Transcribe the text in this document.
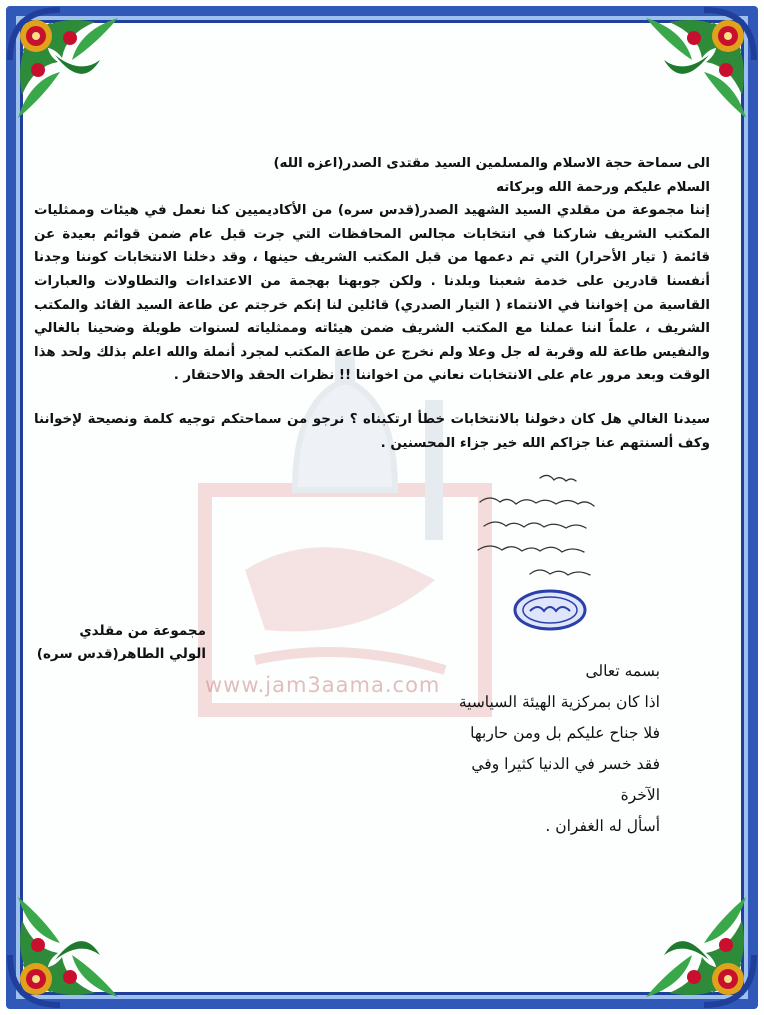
www.jam3aama.com

الى سماحة حجة الاسلام والمسلمين السيد مقتدى الصدر(اعزه الله)

السلام عليكم ورحمة الله وبركاته

إننا مجموعة من مقلدي السيد الشهيد الصدر(قدس سره) من الأكاديميين كنا نعمل في هيئات وممثليات المكتب الشريف شاركنا في انتخابات مجالس المحافظات التي جرت قبل عام ضمن قوائم بعيدة عن قائمة ( تيار الأحرار) التي تم دعمها من قبل المكتب الشريف حينها ، وقد دخلنا الانتخابات كوننا وجدنا أنفسنا قادرين على خدمة شعبنا وبلدنا . ولكن جوبهنا بهجمة من الاعتداءات والتطاولات والعبارات القاسية من إخواننا في الانتماء ( التيار الصدري) قائلين لنا إنكم خرجتم عن طاعة السيد القائد والمكتب الشريف ، علماً اننا عملنا مع المكتب الشريف ضمن هيئاته وممثلياته لسنوات طويلة وضحينا بالغالي والنفيس طاعة لله وقربة له جل وعلا ولم نخرج عن طاعة المكتب لمجرد أنملة والله اعلم بذلك ولحد هذا الوقت وبعد مرور عام على الانتخابات نعاني من اخواننا !! نظرات الحقد والاحتقار .

سيدنا الغالي هل كان دخولنا بالانتخابات خطأ ارتكبناه ؟ نرجو من سماحتكم توجيه كلمة ونصيحة لإخواننا وكف ألسنتهم عنا جزاكم الله خير جزاء المحسنين .

مجموعة من مقلدي
الولي الطاهر(قدس سره)

بسمه تعالى

اذا كان بمركزية الهيئة السياسية

فلا جناح عليكم بل ومن حاربها

فقد خسر في الدنيا كثيرا وفي الآخرة

أسأل له الغفران .
